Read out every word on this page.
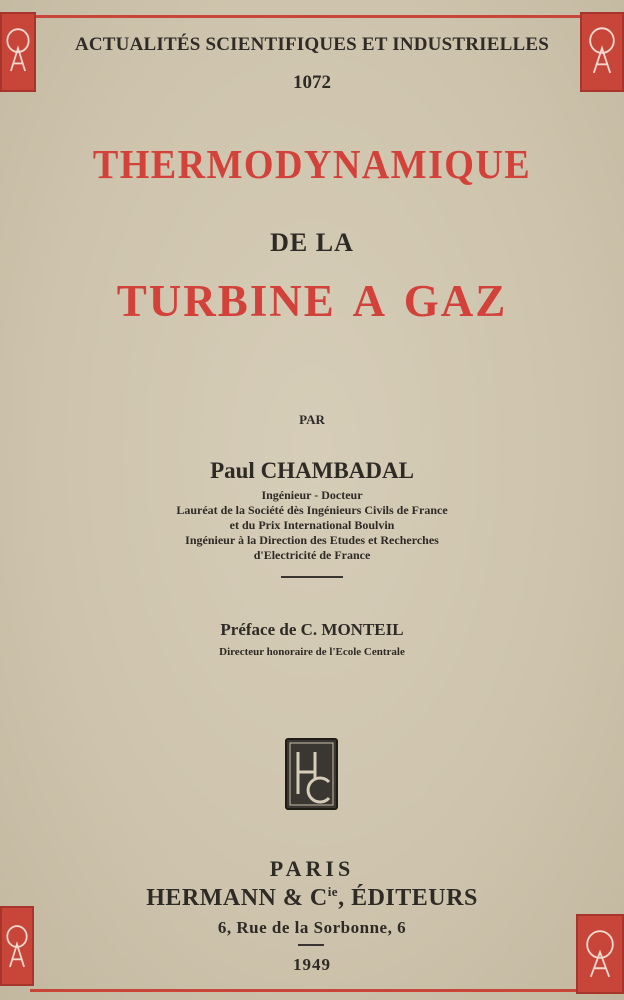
ACTUALITÉS SCIENTIFIQUES ET INDUSTRIELLES
1072
THERMODYNAMIQUE
DE LA
TURBINE A GAZ
PAR
Paul CHAMBADAL
Ingénieur - Docteur
Lauréat de la Société dès Ingénieurs Civils de France
et du Prix International Boulvin
Ingénieur à la Direction des Etudes et Recherches
d'Electricité de France
Préface de C. MONTEIL
Directeur honoraire de l'Ecole Centrale
PARIS
HERMANN & $C^{ie}$, ÉDITEURS
6, Rue de la Sorbonne, 6
1949
